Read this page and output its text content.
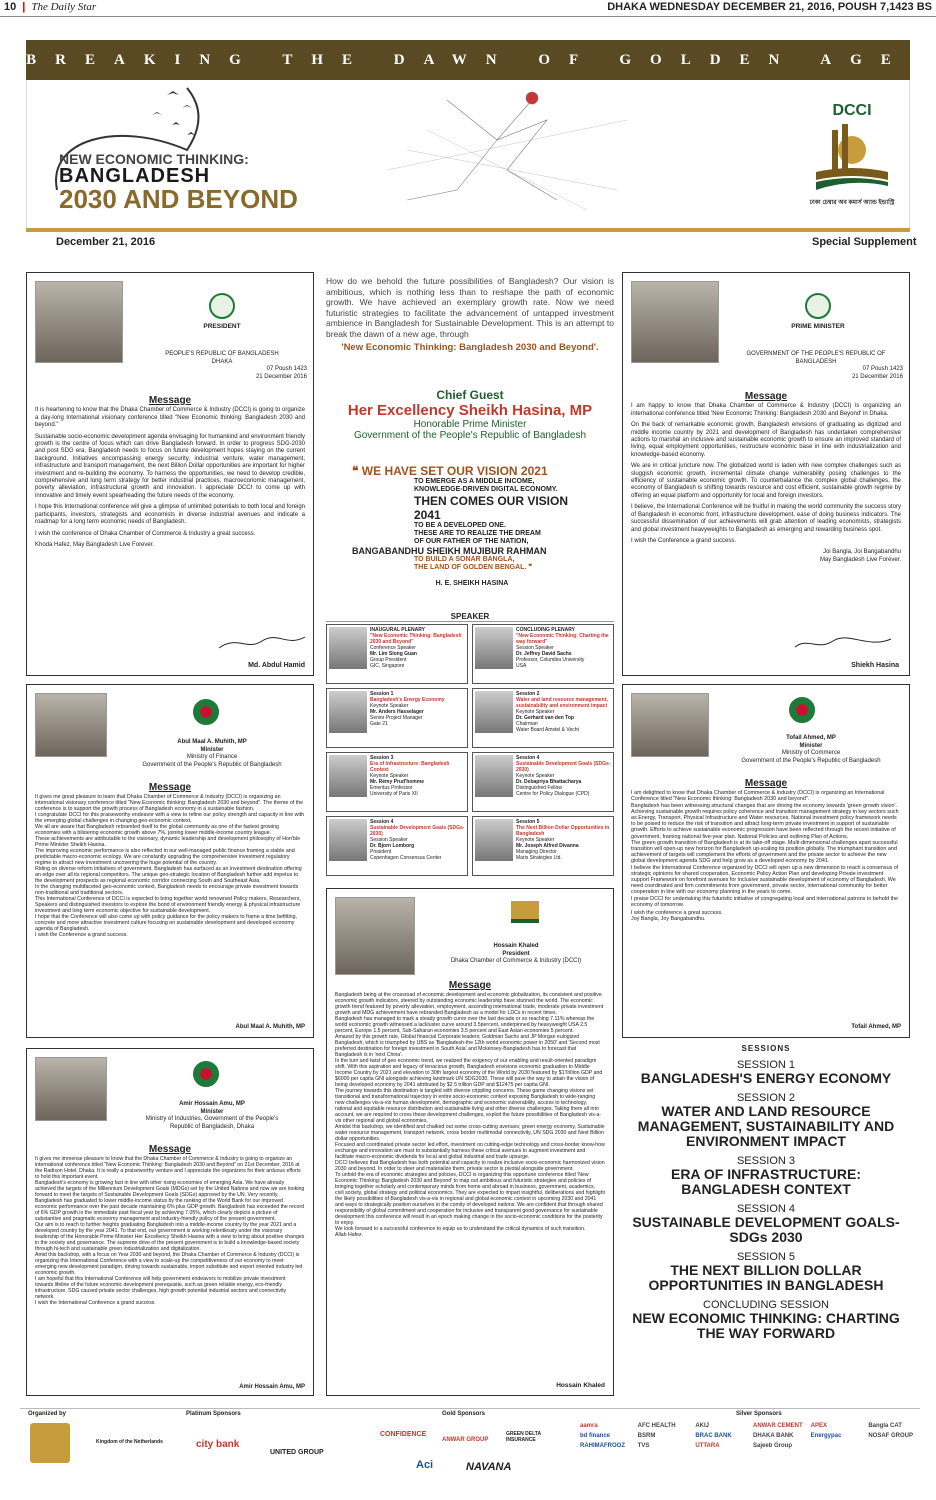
10 | The Daily Star	DHAKA WEDNESDAY DECEMBER 21, 2016, POUSH 7,1423 BS
BREAKING THE DAWN OF GOLDEN AGE
NEW ECONOMIC THINKING:
BANGLADESH
2030 AND BEYOND
DCCI
ঢাকা চেম্বার অব কমার্স অ্যান্ড ইন্ডাস্ট্রি
December 21, 2016	Special Supplement
PRESIDENT
PEOPLE'S REPUBLIC OF BANGLADESH
DHAKA
07 Poush 1423
21 December 2016
Message
It is heartening to know that the Dhaka Chamber of Commerce & Industry (DCCI) is going to organize a day-long International visionary conference titled "New Economic thinking: Bangladesh 2030 and beyond."
Sustainable socio-economic development agenda envisaging for humankind and environment friendly growth is the centre of focus which can drive Bangladesh forward. In order to progress SDG-2030 and post SDG era, Bangladesh needs to focus on future development hopes staying on the current background. Initiatives encompassing energy security, industrial venture, water management, infrastructure and transport management, the next Billion Dollar opportunities are important for higher investment and re-building the economy. To harness the opportunities, we need to develop credible, comprehensive and long term strategy for better industrial practices, macroeconomic management, poverty alleviation, infrastructural growth and innovation. I appreciate DCCI to come up with innovative and timely event spearheading the future needs of the economy.
I hope this International conference will give a glimpse of unlimited potentials to both local and foreign participants, investors, strategists and economists in diverse industrial avenues and indicate a roadmap for a long term economic needs of Bangladesh.
I wish the conference of Dhaka Chamber of Commerce & Industry a great success.
Khoda Hafez, May Bangladesh Live Forever.
Md. Abdul Hamid
How do we behold the future possibilities of Bangladesh? Our vision is ambitious, which is nothing less than to reshape the path of economic growth. We have achieved an exemplary growth rate. Now we need futuristic strategies to facilitate the advancement of untapped investment ambience in Bangladesh for Sustainable Development. This is an attempt to break the dawn of a new age, through
'New Economic Thinking: Bangladesh 2030 and Beyond'.
Chief Guest
Her Excellency Sheikh Hasina, MP
Honorable Prime Minister
Government of the People's Republic of Bangladesh
❝ WE HAVE SET OUR VISION 2021
TO EMERGE AS A MIDDLE INCOME,
KNOWLEDGE-DRIVEN DIGITAL ECONOMY.
THEN COMES OUR VISION 2041
TO BE A DEVELOPED ONE.
THESE ARE TO REALIZE THE DREAM
OF OUR FATHER OF THE NATION,
BANGABANDHU SHEIKH MUJIBUR RAHMAN
TO BUILD A SONAR BANGLA,
THE LAND OF GOLDEN BENGAL. ❞
H. E. SHEIKH HASINA
SPEAKER
INAUGURAL PLENARY
"New Economic Thinking: Bangladesh 2030 and Beyond"
Conference Speaker
Mr. Lim Siong Guan
Group President
GIC, Singapore
CONCLUDING PLENARY
"New Economic Thinking: Charting the way forward"
Session Speaker
Dr. Jeffrey David Sachs
Professor, Columbia University
USA
Session 1
Bangladesh's Energy Economy
Keynote Speaker
Mr. Anders Hasselager
Senior Project Manager
Gate 21
Session 2
Water and land resource management, sustainability and environment impact
Keynote Speaker
Dr. Gerhard van den Top
Chairman
Water Board Amstel & Vecht
Session 3
Era of Infrastructure: Bangladesh Context
Keynote Speaker
Mr. Rémy Prud'homme
Emeritus Professor
University of Paris XII
Session 4
Sustainable Development Goals (SDGs-2030)
Keynote Speaker
Dr. Debapriya Bhattacharya
Distinguished Fellow
Centre for Policy Dialogue (CPD)
Session 4
Sustainable Development Goals (SDGs-2030)
Session Speaker
Dr. Bjorn Lomborg
President
Copenhagen Consensus Center
Session 5
The Next Billion Dollar Opportunities in Bangladesh
Keynote Speaker
Mr. Joseph Alfred Divanna
Managing Director
Maris Strategies Ltd.
PRIME MINISTER
GOVERNMENT OF THE PEOPLE'S REPUBLIC OF BANGLADESH
07 Poush 1423
21 December 2016
Message
I am happy to know that Dhaka Chamber of Commerce & Industry (DCCI) is organizing an international conference titled 'New Economic Thinking: Bangladesh 2030 and Beyond' in Dhaka.
On the back of remarkable economic growth, Bangladesh envisions of graduating as digitized and middle income country by 2021 and development of Bangladesh has undertaken comprehensive actions to marshal an inclusive and sustainable economic growth to ensure an improved standard of living, equal employment opportunities, restructure economic base in line with industrialization and knowledge-based economy.
We are in critical juncture now. The globalized world is laden with new complex challenges such as sluggish economic growth, incremental climate change vulnerability posing challenges to the efficiency of sustainable economic growth. To counterbalance the complex global challenges, the economy of Bangladesh is shifting towards resource and cost efficient, sustainable growth regime by offering an equal platform and opportunity for local and foreign investors.
I believe, the International Conference will be fruitful in making the world community the success story of Bangladesh in economic front, infrastructure development, ease of doing business indicators. The successful dissemination of our achievements will grab attention of leading economists, strategists and global investment heavyweights to Bangladesh as emerging and rewarding business spot.
I wish the Conference a grand success.
Joi Bangla, Joi Bangabandhu
May Bangladesh Live Forever.
Shiekh Hasina
Abul Maal A. Muhith, MP
Minister
Ministry of Finance
Government of the People's Republic of Bangladesh
Message
It gives me great pleasure to learn that Dhaka Chamber of Commerce & Industry (DCCI) is organizing an international visionary conference titled "New Economic thinking: Bangladesh 2030 and beyond". The theme of the conference is to support the growth process of Bangladesh economy in a sustainable fashion.
I congratulate DCCI for this praiseworthy endeavor with a view to refine our policy strength and capacity in line with the emerging global challenges in changing geo-economic context.
We all are aware that Bangladesh rebranded itself to the global community as one of the fastest growing economies with a blistering economic growth above 7%, joining lower middle-income country league.
These achievements are attributable to the visionary, dynamic leadership and development philosophy of Hon'ble Prime Minister Sheikh Hasina.
The improving economic performance is also reflected in our well-managed public finance framing a stable and predictable macro-economic ecology. We are constantly upgrading the comprehensive investment regulatory regime to attract new investment uncovering the huge potential of the country.
Riding on diverse reform initiatives of government, Bangladesh has surfaced as an investment destination offering an edge over all its regional competitors. The unique geo-strategic location of Bangladesh further add impetus to the development prospects as regional economic corridor connecting South and Southeast Asia.
In the changing multifaceted geo-economic context, Bangladesh needs to encourage private investment towards non-traditional and traditional sectors.
This International Conference of DCCI is expected to bring together world renowned Policy makers, Researchers, Speakers and distinguished investors to explore the bond of environment friendly energy & physical infrastructure investment and long term economic objective for sustainable development.
I hope that the Conference will also come up with policy guidance for the policy makers to frame a time befitting, concrete and more attractive investment culture focusing on sustainable development and developed economy agenda of Bangladesh.
I wish the Conference a grand success.
Abul Maal A. Muhith, MP
Amir Hossain Amu, MP
Minister
Ministry of Industries, Government of the People's
Republic of Bangladesh, Dhaka
Message
It gives me immense pleasure to know that the Dhaka Chamber of Commerce & Industry is going to organize an international conference titled "New Economic Thinking: Bangladesh 2030 and Beyond" on 21st December, 2016 at the Radison Hotel, Dhaka. It is really a praiseworthy venture and I appreciate the organizers for their arduous efforts to hold this important event.
Bangladesh's economy is growing fast in line with other rising economies of emerging Asia. We have already achieved the targets of the Millennium Development Goals (MDGs) set by the United Nations and now we are looking forward to meet the targets of Sustainable Development Goals (SDGs) approved by the UN. Very recently, Bangladesh has graduated to lower middle-income status by the ranking of the World Bank for our improved economic performance over the past decade maintaining 6% plus GDP growth. Bangladesh has exceeded the record of 6% GDP growth in the immediate past fiscal year by achieving 7.05%, which clearly depicts a picture of substantive and pragmatic economy management and industry-friendly policy of the present government.
Our aim is to reach to further heights graduating Bangladesh into a middle-income country by the year 2021 and a developed country by the year 2041. To that end, our government is working relentlessly under the visionary leadership of the Honorable Prime Minister Her Excellency Sheikh Hasina with a view to bring about positive changes in the society and governance. The supreme drive of the present government is to build a knowledge-based society through hi-tech and sustainable green industrialization and digitalization.
Amid this backdrop, with a focus on Year 2030 and beyond, the Dhaka Chamber of Commerce & Industry (DCCI) is organizing this International Conference with a view to scale-up the competitiveness of our economy to meet emerging new development paradigm, driving towards sustainable, import substitute and export oriented industry led economic growth.
I am hopeful that this International Conference will help government endeavors to mobilize private investment towards lifeline of the future economic development prerequisite, such as green reliable energy, eco-friendly infrastructure, SDG caused private sector challenges, high growth potential industrial sectors and connectivity network.
I wish the International Conference a grand success.
Amir Hossain Amu, MP
Hossain Khaled
President
Dhaka Chamber of Commerce & Industry (DCCI)
Message
Bangladesh being at the crossroad of economic development and economic globalization, its consistent and positive economic growth indicators, steered by outstanding economic leadership have stunned the world. The economic growth trend featured by poverty alleviation, employment, ascending international trade, moderate private investment growth and MDG achievement have rebranded Bangladesh as a model for LDCs in recent times.
Bangladesh has managed to mark a steady growth curve over the last decade or so reaching 7.11% whereas the world economic growth witnessed a lackluster curve around 3.5percent, underpinned by heavyweight USA 2.5 percent, Europe 1.5 percent, Sub-Saharan economies 3.5 percent and East Asian economies 5 percent.
Amazed by this growth rate, Global financial Corporate leaders; Goldman Sachs and JP Morgan eulogized Bangladesh, which is triumphed by UBS as 'Bangladesh-the 12th world economic power in 2050' and 'Second most preferred destination for foreign investment in South Asia' and Mckensey-Bangladesh has to forecast that Bangladesh is in 'next China'.
In the turn and twist of geo economic trend, we realized the exigency of our enabling and result-oriented paradigm shift. With this aspiration and legacy of tenacious growth, Bangladesh envisions economic graduation to Middle Income Country by 2021 and elevation to 30th largest economy of the World by 2030 featured by $1Trillion GDP and $6000 per capita GNI alongside achieving landmark UN SDG2030. These will pave the way to attain the vision of being developed economy by 2041 attributed by $2.5 trillion GDP and $12475 per capita GNI.
The journey towards this destination is tangled with diverse crippling concerns. These game changing visions set transitional and transformational trajectory in entire socio-economic context exposing Bangladesh to wide-ranging new challenges vis-a-vis human development, demographic and economic vulnerability, access to technology, rational and equitable resource distribution and sustainable living and other diverse challenges. Taking them all into account, we are required to cross these development challenges, exploit the future possibilities of Bangladesh vis-a-vis other regional and global economies.
Amidst this backdrop, we identified and chalked out some cross-cutting avenues; green energy economy, Sustainable water resource management, transport network, cross border multimodal connectivity, UN SDG 2030 and Next Billion dollar opportunities.
Focused and coordinated private sector led effort, investment on cutting-edge technology and cross-border know-how exchange and innovation are must to substantially harness these critical avenues to augment investment and facilitate macro-economic dividends for local and global industrial and trade upsurge.
DCCI believes that Bangladesh has both potential and capacity to realize inclusive socio-economic harmonized vision 2030 and beyond. In order to steer and materialize them, private sector is pivotal alongside government.
To unfold the era of economic strategies and policies, DCCI is organizing this opportune conference titled 'New Economic Thinking: Bangladesh 2030 and Beyond' to map out ambitious and futuristic strategies and policies of bringing together scholarly and contemporary minds from home and abroad in business, government, academics, civil society, global strategy and political economics. They are expected to impart insightful, deliberations and highlight the likely possibilities of Bangladesh vis-a-vis in regional and global economic context in upcoming 2030 and 2041 and ways to strategically position ourselves in the comity of developed nations. We are confident that through shared responsibility of global commitment and cooperation for inclusive and transparent good governance for sustainable development this conference will result in an epoch making change in the socio-economic conditions for the posterity to enjoy.
We look forward to a successful conference to equip us to understand the critical dynamics of such transition.
Allah Hafez.
Hossain Khaled
Tofail Ahmed, MP
Minister
Ministry of Commerce
Government of the People's Republic of Bangladesh
Message
I am delighted to know that Dhaka Chamber of Commerce & Industry (DCCI) is organizing an International Conference titled "New Economic thinking: Bangladesh 2030 and beyond".
Bangladesh has been witnessing structural changes that are driving the economy towards 'green growth vision'. Achieving sustainable growth requires policy coherence and transition management strategy in key sectors such as Energy, Transport, Physical Infrastructure and Water resources. National investment policy framework needs to be poised to reduce the risk of transition and attract long-term private investment in support of sustainable growth. Efforts to achieve sustainable economic progression have been reflected through the recent initiative of government, framing national five-year plan. National Policies and outlining Plan of Actions.
The green growth transition of Bangladesh is at its take-off stage. Multi-dimensional challenges apart successful transition will open-up new horizon for Bangladesh up-scaling its position globally. The triumphant transition and achievement of targets will complement the efforts of government and the private sector to achieve the new global development agenda SDG and help grow as a developed economy by 2041.
I believe the International Conference organized by DCCI will open up a new dimension to reach a consensus of strategic opinions for shared cooperation, Economic Policy Action Plan and developing Private investment support Framework on forefront avenues for inclusive sustainable development of economy of Bangladesh. We need coordinated and firm commitments from government, private sector, international community for better cooperation in line with our economy planning in the years to come.
I praise DCCI for undertaking this futuristic initiative of congregating local and international patrons to behold the economy of tomorrow.
I wish the conference a great success.
Joy Bangla, Joy Bangabandhu.
Tofail Ahmed, MP
SESSIONS
SESSION 1
BANGLADESH'S ENERGY ECONOMY
SESSION 2
WATER AND LAND RESOURCE MANAGEMENT, SUSTAINABILITY AND ENVIRONMENT IMPACT
SESSION 3
ERA OF INFRASTRUCTURE: BANGLADESH CONTEXT
SESSION 4
SUSTAINABLE DEVELOPMENT GOALS- SDGs 2030
SESSION 5
THE NEXT BILLION DOLLAR OPPORTUNITIES IN BANGLADESH
CONCLUDING SESSION
NEW ECONOMIC THINKING: CHARTING THE WAY FORWARD
Organized by	Platinum Sponsors
Kingdom of the Netherlands	city bank
UNITED GROUP
Gold Sponsors
CONFIDENCE
ANWAR GROUP
GREEN DELTA INSURANCE
Aci	NAVANA
Silver Sponsors
aamra	AFC HEALTH	AKIJ	ANWAR CEMENT	APEX	Bangla CAT
bd finance	BSRM	BRAC BANK	DHAKA BANK	Energypac	NOSAF GROUP
RAHIMAFROOZ	TVS	UTTARA	Sajeeb Group
